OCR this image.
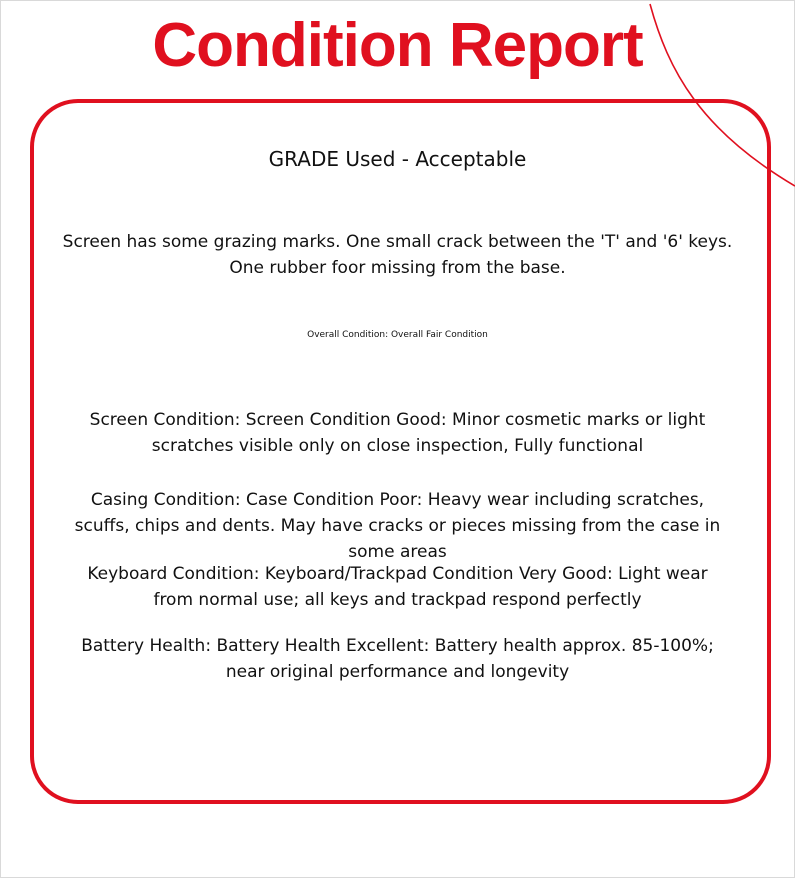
Condition Report
GRADE Used - Acceptable
Screen has some grazing marks. One small crack between the 'T' and '6' keys.
One rubber foor missing from the base.
Overall Condition: Overall Fair Condition
Screen Condition: Screen Condition Good: Minor cosmetic marks or light
scratches visible only on close inspection, Fully functional
Casing Condition: Case Condition Poor: Heavy wear including scratches,
scuffs, chips and dents. May have cracks or pieces missing from the case in
some areas
Keyboard Condition: Keyboard/Trackpad Condition Very Good: Light wear
from normal use; all keys and trackpad respond perfectly
Battery Health: Battery Health Excellent: Battery health approx. 85-100%;
near original performance and longevity
